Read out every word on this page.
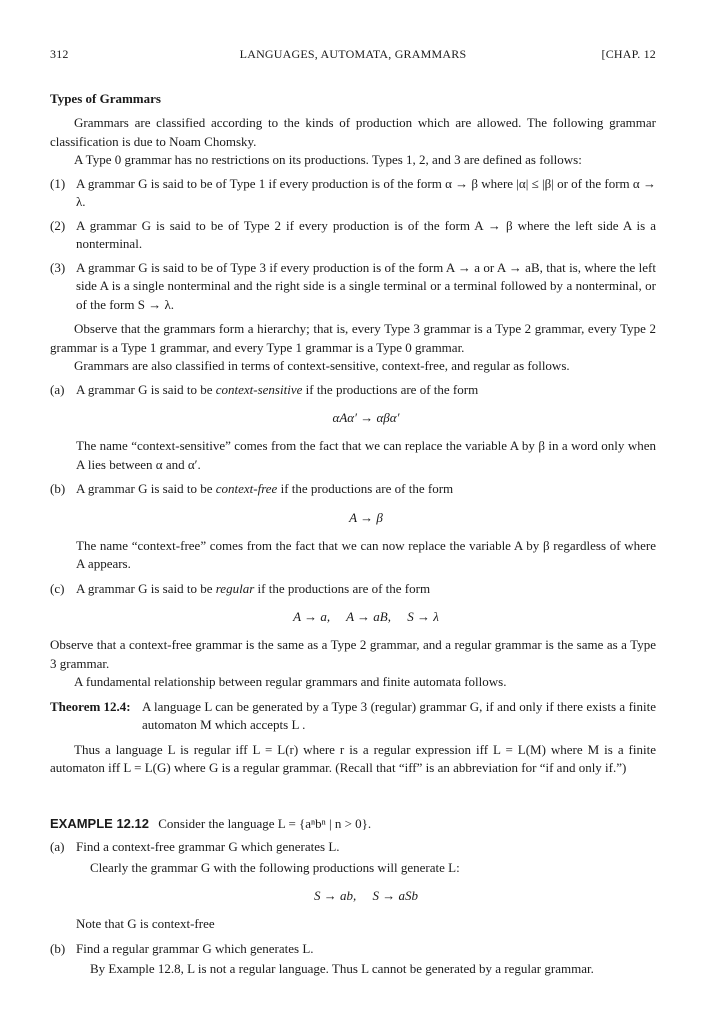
312	LANGUAGES, AUTOMATA, GRAMMARS	[CHAP. 12
Types of Grammars

Grammars are classified according to the kinds of production which are allowed. The following grammar classification is due to Noam Chomsky.

A Type 0 grammar has no restrictions on its productions. Types 1, 2, and 3 are defined as follows:

(1) A grammar G is said to be of Type 1 if every production is of the form α → β where |α| ≤ |β| or of the form α → λ.

(2) A grammar G is said to be of Type 2 if every production is of the form A → β where the left side A is a nonterminal.

(3) A grammar G is said to be of Type 3 if every production is of the form A → a or A → aB, that is, where the left side A is a single nonterminal and the right side is a single terminal or a terminal followed by a nonterminal, or of the form S → λ.

Observe that the grammars form a hierarchy; that is, every Type 3 grammar is a Type 2 grammar, every Type 2 grammar is a Type 1 grammar, and every Type 1 grammar is a Type 0 grammar.

Grammars are also classified in terms of context-sensitive, context-free, and regular as follows.

(a) A grammar G is said to be context-sensitive if the productions are of the form

αAα′ → αβα′

The name “context-sensitive” comes from the fact that we can replace the variable A by β in a word only when A lies between α and α′.

(b) A grammar G is said to be context-free if the productions are of the form

A → β

The name “context-free” comes from the fact that we can now replace the variable A by β regardless of where A appears.

(c) A grammar G is said to be regular if the productions are of the form

A → a,     A → aB,     S → λ

Observe that a context-free grammar is the same as a Type 2 grammar, and a regular grammar is the same as a Type 3 grammar.

A fundamental relationship between regular grammars and finite automata follows.

Theorem 12.4: A language L can be generated by a Type 3 (regular) grammar G, if and only if there exists a finite automaton M which accepts L .

Thus a language L is regular iff L = L(r) where r is a regular expression iff L = L(M) where M is a finite automaton iff L = L(G) where G is a regular grammar. (Recall that “iff” is an abbreviation for “if and only if.”)

EXAMPLE 12.12 Consider the language L = {aⁿbⁿ | n > 0}.

(a) Find a context-free grammar G which generates L.

Clearly the grammar G with the following productions will generate L:

S → ab,     S → aSb

Note that G is context-free

(b) Find a regular grammar G which generates L.

By Example 12.8, L is not a regular language. Thus L cannot be generated by a regular grammar.
